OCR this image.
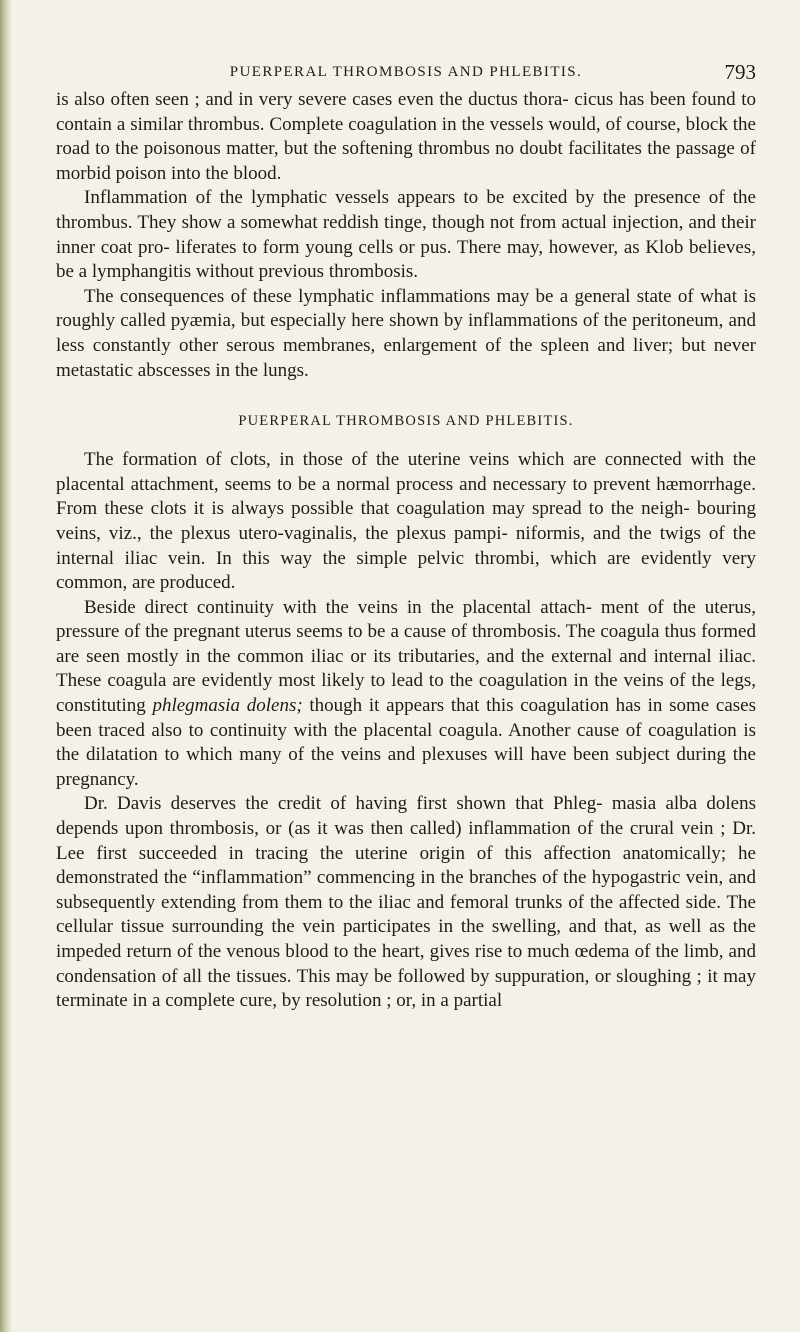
PUERPERAL THROMBOSIS AND PHLEBITIS.	793

is also often seen ; and in very severe cases even the ductus thora- cicus has been found to contain a similar thrombus. Complete coagulation in the vessels would, of course, block the road to the poisonous matter, but the softening thrombus no doubt facilitates the passage of morbid poison into the blood.

Inflammation of the lymphatic vessels appears to be excited by the presence of the thrombus. They show a somewhat reddish tinge, though not from actual injection, and their inner coat pro- liferates to form young cells or pus. There may, however, as Klob believes, be a lymphangitis without previous thrombosis.

The consequences of these lymphatic inflammations may be a general state of what is roughly called pyæmia, but especially here shown by inflammations of the peritoneum, and less constantly other serous membranes, enlargement of the spleen and liver; but never metastatic abscesses in the lungs.

PUERPERAL THROMBOSIS AND PHLEBITIS.

The formation of clots, in those of the uterine veins which are connected with the placental attachment, seems to be a normal process and necessary to prevent hæmorrhage. From these clots it is always possible that coagulation may spread to the neigh- bouring veins, viz., the plexus utero-vaginalis, the plexus pampi- niformis, and the twigs of the internal iliac vein. In this way the simple pelvic thrombi, which are evidently very common, are produced.

Beside direct continuity with the veins in the placental attach- ment of the uterus, pressure of the pregnant uterus seems to be a cause of thrombosis. The coagula thus formed are seen mostly in the common iliac or its tributaries, and the external and internal iliac. These coagula are evidently most likely to lead to the coagulation in the veins of the legs, constituting phlegmasia dolens; though it appears that this coagulation has in some cases been traced also to continuity with the placental coagula. Another cause of coagulation is the dilatation to which many of the veins and plexuses will have been subject during the pregnancy.

Dr. Davis deserves the credit of having first shown that Phleg- masia alba dolens depends upon thrombosis, or (as it was then called) inflammation of the crural vein ; Dr. Lee first succeeded in tracing the uterine origin of this affection anatomically; he demonstrated the “inflammation” commencing in the branches of the hypogastric vein, and subsequently extending from them to the iliac and femoral trunks of the affected side. The cellular tissue surrounding the vein participates in the swelling, and that, as well as the impeded return of the venous blood to the heart, gives rise to much œdema of the limb, and condensation of all the tissues. This may be followed by suppuration, or sloughing ; it may terminate in a complete cure, by resolution ; or, in a partial
